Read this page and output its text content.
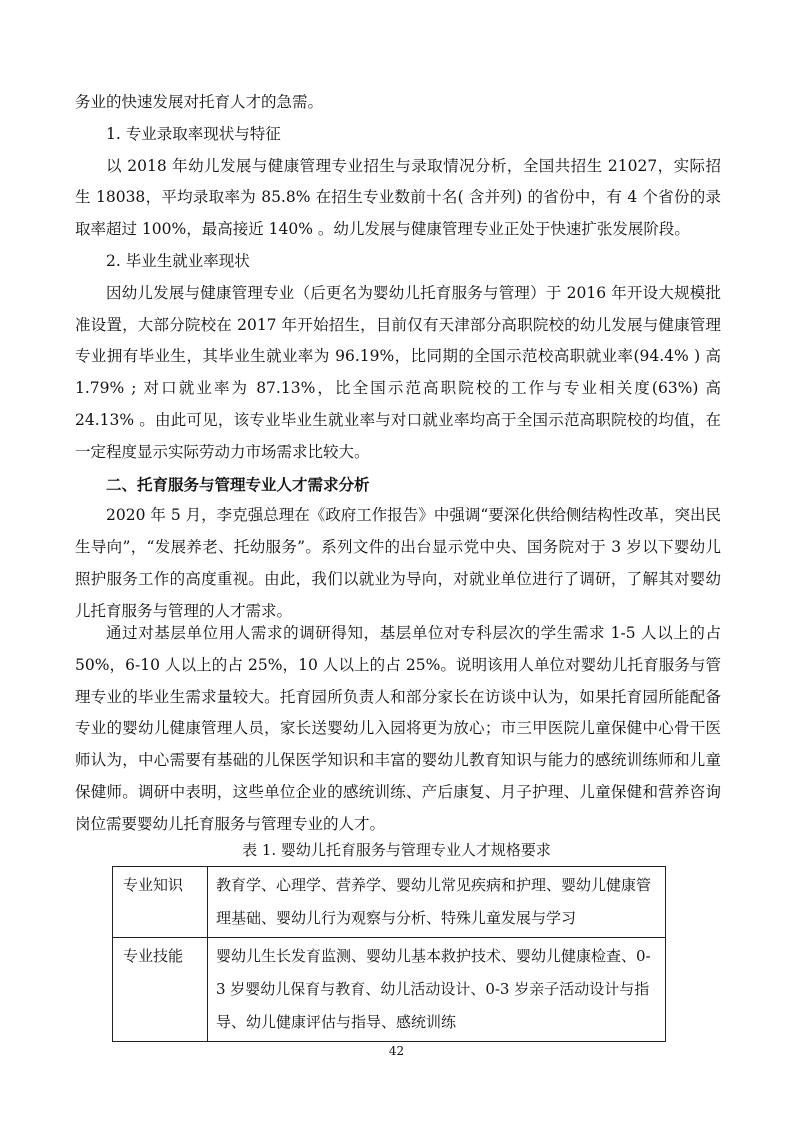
务业的快速发展对托育人才的急需。

1. 专业录取率现状与特征

以 2018 年幼儿发展与健康管理专业招生与录取情况分析，全国共招生 21027，实际招生 18038，平均录取率为 85.8% 在招生专业数前十名( 含并列) 的省份中，有 4 个省份的录取率超过 100%，最高接近 140% 。幼儿发展与健康管理专业正处于快速扩张发展阶段。

2. 毕业生就业率现状

因幼儿发展与健康管理专业（后更名为婴幼儿托育服务与管理）于 2016 年开设大规模批准设置，大部分院校在 2017 年开始招生，目前仅有天津部分高职院校的幼儿发展与健康管理专业拥有毕业生，其毕业生就业率为 96.19%，比同期的全国示范校高职就业率(94.4% ) 高 1.79% ; 对口就业率为 87.13%，比全国示范高职院校的工作与专业相关度(63%) 高 24.13% 。由此可见，该专业毕业生就业率与对口就业率均高于全国示范高职院校的均值，在一定程度显示实际劳动力市场需求比较大。

二、托育服务与管理专业人才需求分析

2020 年 5 月，李克强总理在《政府工作报告》中强调“要深化供给侧结构性改革，突出民生导向”，“发展养老、托幼服务”。系列文件的出台显示党中央、国务院对于 3 岁以下婴幼儿照护服务工作的高度重视。由此，我们以就业为导向，对就业单位进行了调研，了解其对婴幼儿托育服务与管理的人才需求。

通过对基层单位用人需求的调研得知，基层单位对专科层次的学生需求 1-5 人以上的占 50%，6-10 人以上的占 25%，10 人以上的占 25%。说明该用人单位对婴幼儿托育服务与管理专业的毕业生需求量较大。托育园所负责人和部分家长在访谈中认为，如果托育园所能配备专业的婴幼儿健康管理人员，家长送婴幼儿入园将更为放心；市三甲医院儿童保健中心骨干医师认为，中心需要有基础的儿保医学知识和丰富的婴幼儿教育知识与能力的感统训练师和儿童保健师。调研中表明，这些单位企业的感统训练、产后康复、月子护理、儿童保健和营养咨询岗位需要婴幼儿托育服务与管理专业的人才。

表 1. 婴幼儿托育服务与管理专业人才规格要求
专业知识	教育学、心理学、营养学、婴幼儿常见疾病和护理、婴幼儿健康管理基础、婴幼儿行为观察与分析、特殊儿童发展与学习
专业技能	婴幼儿生长发育监测、婴幼儿基本救护技术、婴幼儿健康检查、0-3 岁婴幼儿保育与教育、幼儿活动设计、0-3 岁亲子活动设计与指导、幼儿健康评估与指导、感统训练
42
